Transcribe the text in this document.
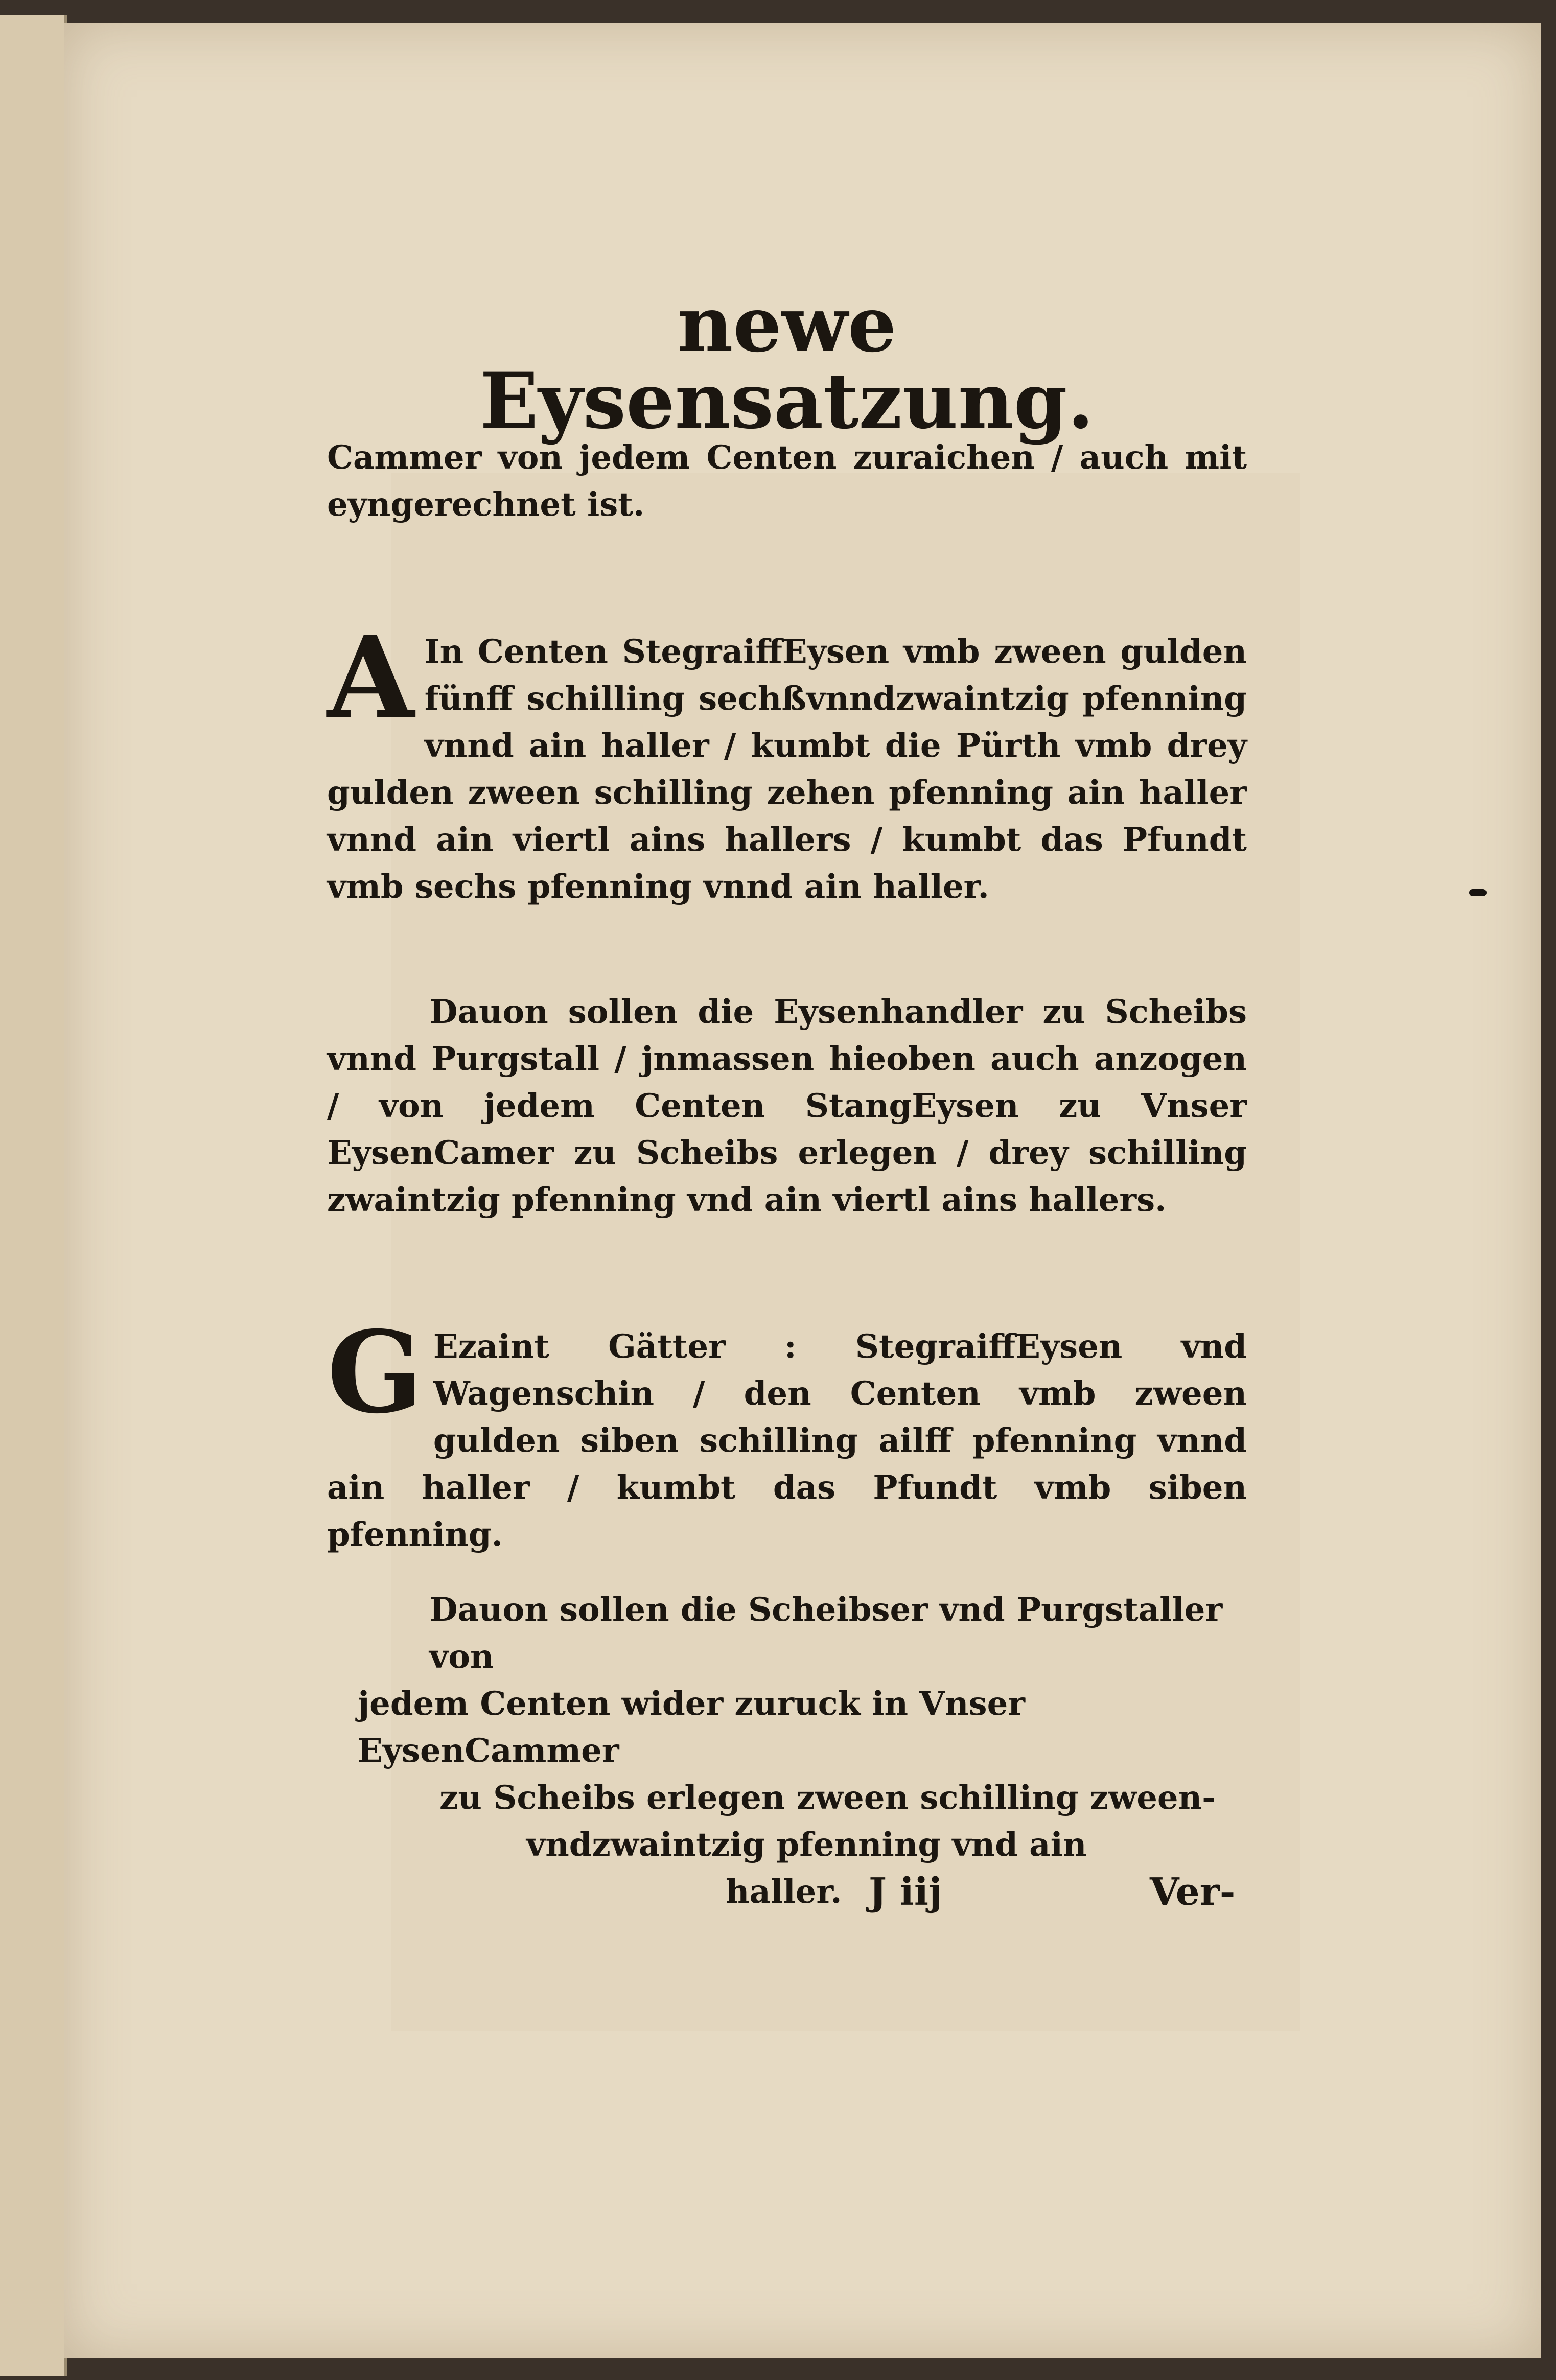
newe Eysensatzung.
Cammer von jedem Centen zuraichen / auch mit eyngerechnet ist.
A In Centen StegraiffEysen vmb zween gulden fünff schilling sechßvnndzwaintzig pfenning vnnd ain haller / kumbt die Pürth vmb drey gulden zween schilling zehen pfenning ain haller vnnd ain viertl ains hallers / kumbt das Pfundt vmb sechs pfenning vnnd ain haller.
Dauon sollen die Eysenhandler zu Scheibs vnnd Purgstall / jnmassen hieoben auch anzogen / von jedem Centen StangEysen zu Vnser EysenCamer zu Scheibs erlegen / drey schilling zwaintzig pfenning vnd ain viertl ains hallers.
G Ezaint Gätter : StegraiffEysen vnd Wagenschin / den Centen vmb zween gulden siben schilling ailff pfenning vnnd ain haller / kumbt das Pfundt vmb siben pfenning.
Dauon sollen die Scheibser vnd Purgstaller von
jedem Centen wider zuruck in Vnser EysenCammer
zu Scheibs erlegen zween schilling zween-
vndzwaintzig pfenning vnd ain
haller. J iij	Ver-
